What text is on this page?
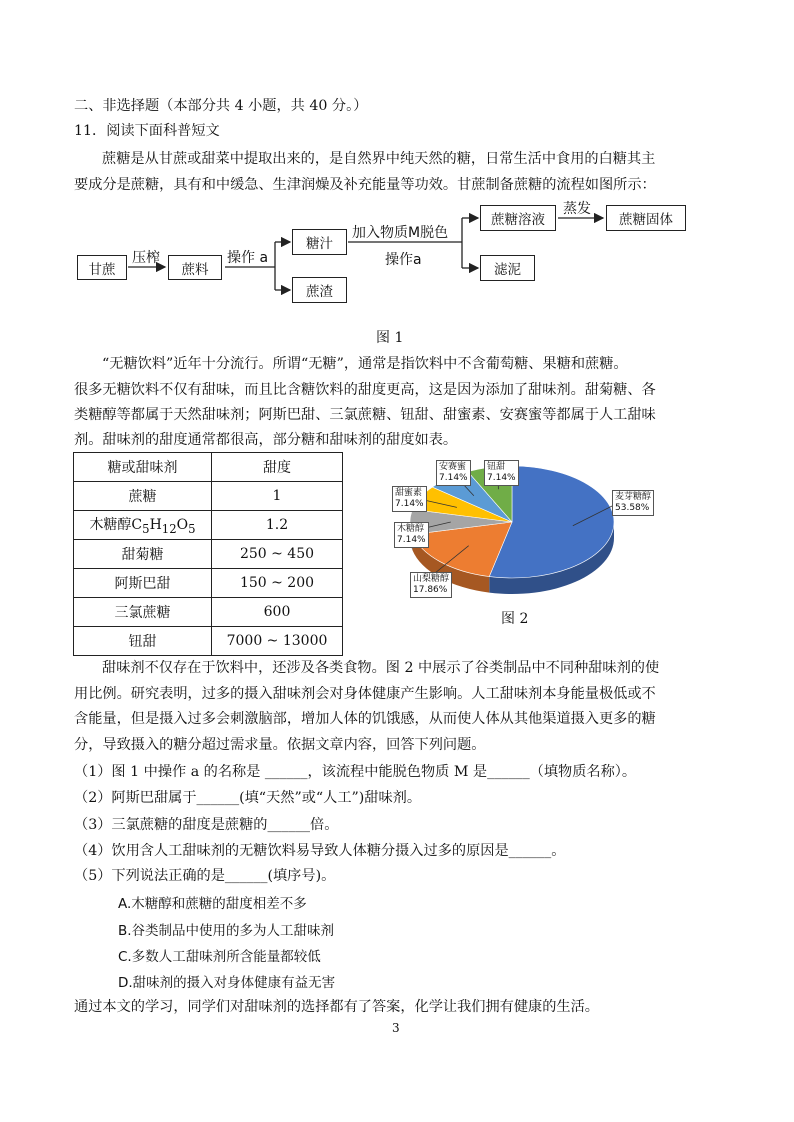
二、非选择题（本部分共 4 小题，共 40 分。）
11．阅读下面科普短文
蔗糖是从甘蔗或甜菜中提取出来的，是自然界中纯天然的糖，日常生活中食用的白糖其主
要成分是蔗糖，具有和中缓急、生津润燥及补充能量等功效。甘蔗制备蔗糖的流程如图所示：
甘蔗
压榨
蔗料
操作 a
糖汁
蔗渣
加入物质M脱色
操作a
蔗糖溶液
蒸发
蔗糖固体
滤泥
图 1
“无糖饮料”近年十分流行。所谓“无糖”，通常是指饮料中不含葡萄糖、果糖和蔗糖。
很多无糖饮料不仅有甜味，而且比含糖饮料的甜度更高，这是因为添加了甜味剂。甜菊糖、各
类糖醇等都属于天然甜味剂；阿斯巴甜、三氯蔗糖、钮甜、甜蜜素、安赛蜜等都属于人工甜味
剂。甜味剂的甜度通常都很高，部分糖和甜味剂的甜度如表。
糖或甜味剂	甜度
蔗糖	1
木糖醇$C_5H_{12}O_5$	1.2
甜菊糖	250 ~ 450
阿斯巴甜	150 ~ 200
三氯蔗糖	600
钮甜	7000 ~ 13000
麦芽糖醇
53.58%
山梨糖醇
17.86%
木糖醇
7.14%
甜蜜素
7.14%
安赛蜜
7.14%
钮甜
7.14%
图 2
甜味剂不仅存在于饮料中，还涉及各类食物。图 2 中展示了谷类制品中不同种甜味剂的使
用比例。研究表明，过多的摄入甜味剂会对身体健康产生影响。人工甜味剂本身能量极低或不
含能量，但是摄入过多会刺激脑部，增加人体的饥饿感，从而使人体从其他渠道摄入更多的糖
分，导致摄入的糖分超过需求量。依据文章内容，回答下列问题。
（1）图 1 中操作 a 的名称是 ______，该流程中能脱色物质 M 是______（填物质名称）。
（2）阿斯巴甜属于______(填“天然”或“人工”)甜味剂。
（3）三氯蔗糖的甜度是蔗糖的______倍。
（4）饮用含人工甜味剂的无糖饮料易导致人体糖分摄入过多的原因是______。
（5）下列说法正确的是______(填序号)。
A.木糖醇和蔗糖的甜度相差不多
B.谷类制品中使用的多为人工甜味剂
C.多数人工甜味剂所含能量都较低
D.甜味剂的摄入对身体健康有益无害
通过本文的学习，同学们对甜味剂的选择都有了答案，化学让我们拥有健康的生活。
3
